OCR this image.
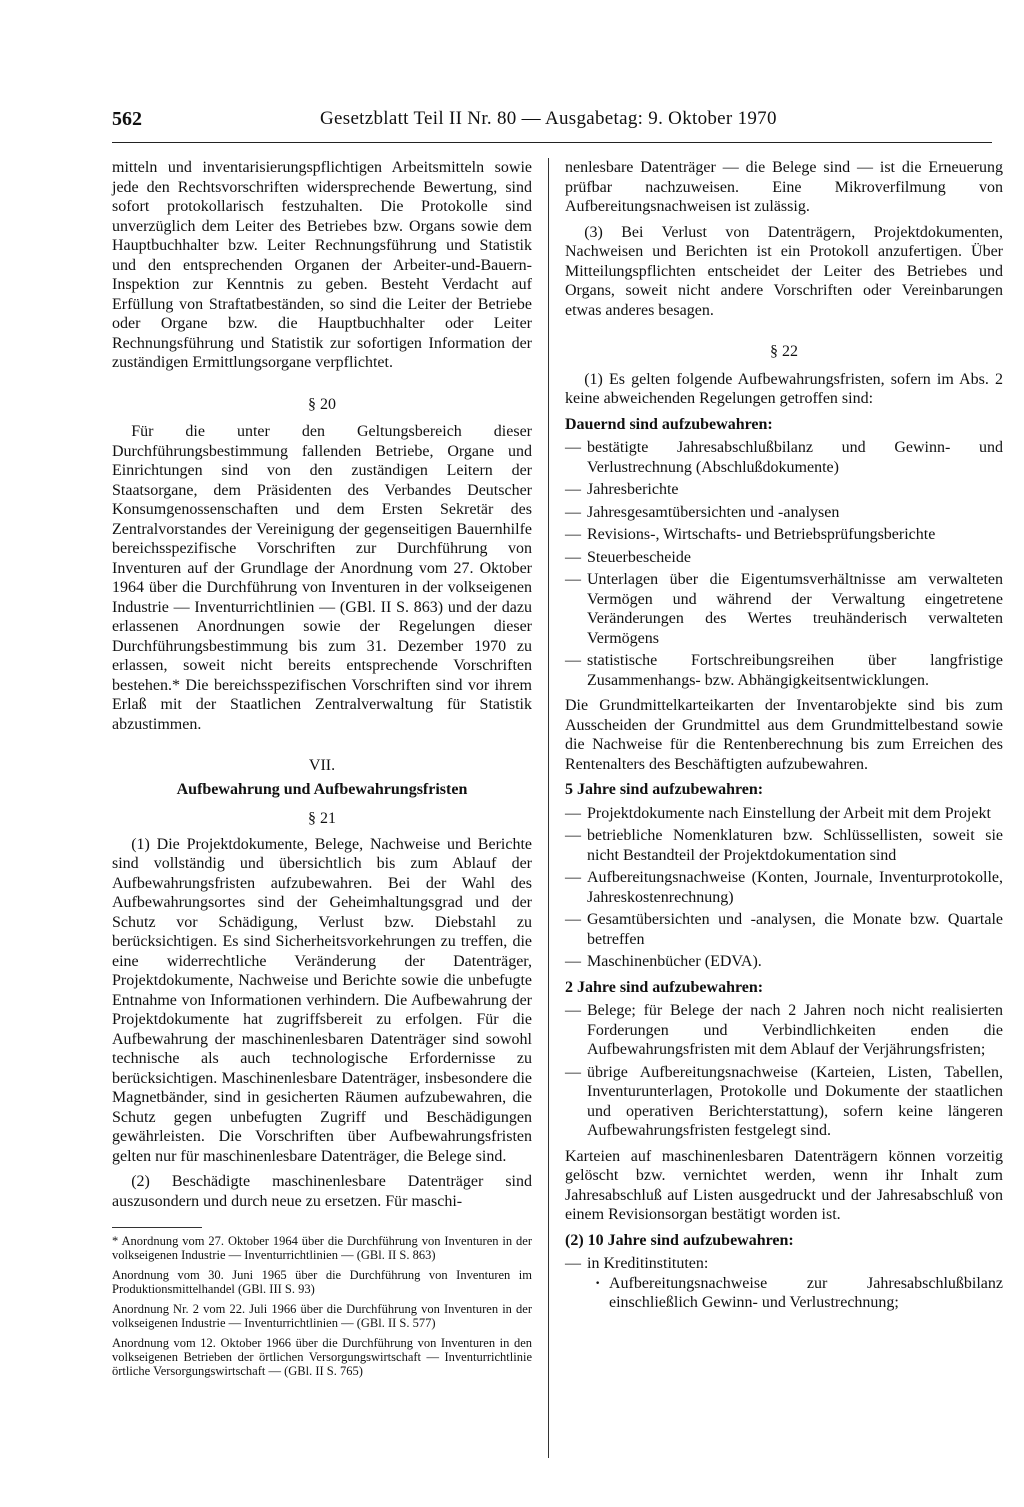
562	Gesetzblatt Teil II Nr. 80 — Ausgabetag: 9. Oktober 1970

mitteln und inventarisierungspflichtigen Arbeitsmitteln sowie jede den Rechtsvorschriften widersprechende Bewertung, sind sofort protokollarisch festzuhalten. Die Protokolle sind unverzüglich dem Leiter des Betriebes bzw. Organs sowie dem Hauptbuchhalter bzw. Leiter Rechnungsführung und Statistik und den entsprechenden Organen der Arbeiter-und-Bauern-Inspektion zur Kenntnis zu geben. Besteht Verdacht auf Erfüllung von Straftatbeständen, so sind die Leiter der Betriebe oder Organe bzw. die Hauptbuchhalter oder Leiter Rechnungsführung und Statistik zur sofortigen Information der zuständigen Ermittlungsorgane verpflichtet.

§ 20

Für die unter den Geltungsbereich dieser Durchführungsbestimmung fallenden Betriebe, Organe und Einrichtungen sind von den zuständigen Leitern der Staatsorgane, dem Präsidenten des Verbandes Deutscher Konsumgenossenschaften und dem Ersten Sekretär des Zentralvorstandes der Vereinigung der gegenseitigen Bauernhilfe bereichsspezifische Vorschriften zur Durchführung von Inventuren auf der Grundlage der Anordnung vom 27. Oktober 1964 über die Durchführung von Inventuren in der volkseigenen Industrie — Inventurrichtlinien — (GBl. II S. 863) und der dazu erlassenen Anordnungen sowie der Regelungen dieser Durchführungsbestimmung bis zum 31. Dezember 1970 zu erlassen, soweit nicht bereits entsprechende Vorschriften bestehen.* Die bereichsspezifischen Vorschriften sind vor ihrem Erlaß mit der Staatlichen Zentralverwaltung für Statistik abzustimmen.

VII.
Aufbewahrung und Aufbewahrungsfristen
§ 21

(1) Die Projektdokumente, Belege, Nachweise und Berichte sind vollständig und übersichtlich bis zum Ablauf der Aufbewahrungsfristen aufzubewahren. Bei der Wahl des Aufbewahrungsortes sind der Geheimhaltungsgrad und der Schutz vor Schädigung, Verlust bzw. Diebstahl zu berücksichtigen. Es sind Sicherheitsvorkehrungen zu treffen, die eine widerrechtliche Veränderung der Datenträger, Projektdokumente, Nachweise und Berichte sowie die unbefugte Entnahme von Informationen verhindern. Die Aufbewahrung der Projektdokumente hat zugriffsbereit zu erfolgen. Für die Aufbewahrung der maschinenlesbaren Datenträger sind sowohl technische als auch technologische Erfordernisse zu berücksichtigen. Maschinenlesbare Datenträger, insbesondere die Magnetbänder, sind in gesicherten Räumen aufzubewahren, die Schutz gegen unbefugten Zugriff und Beschädigungen gewährleisten. Die Vorschriften über Aufbewahrungsfristen gelten nur für maschinenlesbare Datenträger, die Belege sind.

(2) Beschädigte maschinenlesbare Datenträger sind auszusondern und durch neue zu ersetzen. Für maschi-

* Anordnung vom 27. Oktober 1964 über die Durchführung von Inventuren in der volkseigenen Industrie — Inventurrichtlinien — (GBl. II S. 863)

Anordnung vom 30. Juni 1965 über die Durchführung von Inventuren im Produktionsmittelhandel (GBl. III S. 93)

Anordnung Nr. 2 vom 22. Juli 1966 über die Durchführung von Inventuren in der volkseigenen Industrie — Inventurrichtlinien — (GBl. II S. 577)

Anordnung vom 12. Oktober 1966 über die Durchführung von Inventuren in den volkseigenen Betrieben der örtlichen Versorgungswirtschaft — Inventurrichtlinie örtliche Versorgungswirtschaft — (GBl. II S. 765)

nenlesbare Datenträger — die Belege sind — ist die Erneuerung prüfbar nachzuweisen. Eine Mikroverfilmung von Aufbereitungsnachweisen ist zulässig.

(3) Bei Verlust von Datenträgern, Projektdokumenten, Nachweisen und Berichten ist ein Protokoll anzufertigen. Über Mitteilungspflichten entscheidet der Leiter des Betriebes und Organs, soweit nicht andere Vorschriften oder Vereinbarungen etwas anderes besagen.

§ 22

(1) Es gelten folgende Aufbewahrungsfristen, sofern im Abs. 2 keine abweichenden Regelungen getroffen sind:

Dauernd sind aufzubewahren:
— bestätigte Jahresabschlußbilanz und Gewinn- und Verlustrechnung (Abschlußdokumente)
— Jahresberichte
— Jahresgesamtübersichten und -analysen
— Revisions-, Wirtschafts- und Betriebsprüfungsberichte
— Steuerbescheide
— Unterlagen über die Eigentumsverhältnisse am verwalteten Vermögen und während der Verwaltung eingetretene Veränderungen des Wertes treuhänderisch verwalteten Vermögens
— statistische Fortschreibungsreihen über langfristige Zusammenhangs- bzw. Abhängigkeitsentwicklungen.

Die Grundmittelkarteikarten der Inventarobjekte sind bis zum Ausscheiden der Grundmittel aus dem Grundmittelbestand sowie die Nachweise für die Rentenberechnung bis zum Erreichen des Rentenalters des Beschäftigten aufzubewahren.

5 Jahre sind aufzubewahren:
— Projektdokumente nach Einstellung der Arbeit mit dem Projekt
— betriebliche Nomenklaturen bzw. Schlüssellisten, soweit sie nicht Bestandteil der Projektdokumentation sind
— Aufbereitungsnachweise (Konten, Journale, Inventurprotokolle, Jahreskostenrechnung)
— Gesamtübersichten und -analysen, die Monate bzw. Quartale betreffen
— Maschinenbücher (EDVA).
2 Jahre sind aufzubewahren:
— Belege; für Belege der nach 2 Jahren noch nicht realisierten Forderungen und Verbindlichkeiten enden die Aufbewahrungsfristen mit dem Ablauf der Verjährungsfristen;
— übrige Aufbereitungsnachweise (Karteien, Listen, Tabellen, Inventurunterlagen, Protokolle und Dokumente der staatlichen und operativen Berichterstattung), sofern keine längeren Aufbewahrungsfristen festgelegt sind.

Karteien auf maschinenlesbaren Datenträgern können vorzeitig gelöscht bzw. vernichtet werden, wenn ihr Inhalt zum Jahresabschluß auf Listen ausgedruckt und der Jahresabschluß von einem Revisionsorgan bestätigt worden ist.

(2) 10 Jahre sind aufzubewahren:
— in Kreditinstituten:
· Aufbereitungsnachweise zur Jahresabschlußbilanz einschließlich Gewinn- und Verlustrechnung;
